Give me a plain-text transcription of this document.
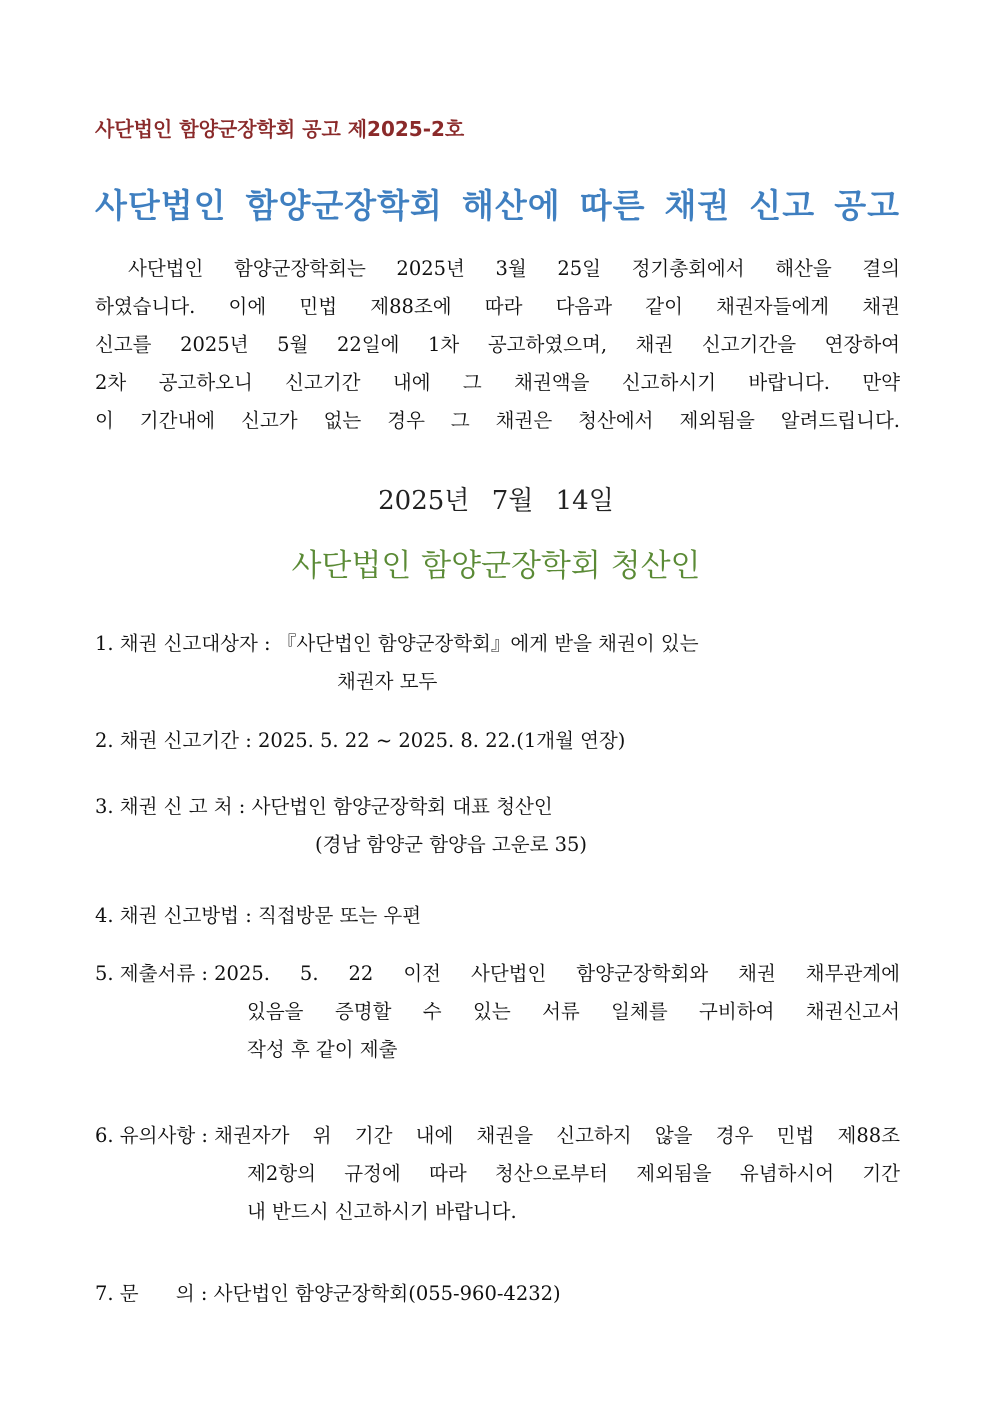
사단법인 함양군장학회 공고 제2025-2호
사단법인 함양군장학회 해산에 따른 채권 신고 공고
사단법인 함양군장학회는 2025년 3월 25일 정기총회에서 해산을 결의
하였습니다. 이에 민법 제88조에 따라 다음과 같이 채권자들에게 채권
신고를 2025년 5월 22일에 1차 공고하였으며, 채권 신고기간을 연장하여
2차 공고하오니 신고기간 내에 그 채권액을 신고하시기 바랍니다. 만약
이 기간내에 신고가 없는 경우 그 채권은 청산에서 제외됨을 알려드립니다.
2025년 7월 14일
사단법인 함양군장학회 청산인
1. 채권 신고대상자 : 『사단법인 함양군장학회』에게 받을 채권이 있는
채권자 모두
2. 채권 신고기간 : 2025. 5. 22 ~ 2025. 8. 22.(1개월 연장)
3. 채권 신 고 처 : 사단법인 함양군장학회 대표 청산인
(경남 함양군 함양읍 고운로 35)
4. 채권 신고방법 : 직접방문 또는 우편
5. 제출서류 : 2025. 5. 22 이전 사단법인 함양군장학회와 채권 채무관계에
있음을 증명할 수 있는 서류 일체를 구비하여 채권신고서
작성 후 같이 제출
6. 유의사항 : 채권자가 위 기간 내에 채권을 신고하지 않을 경우 민법 제88조
제2항의 규정에 따라 청산으로부터 제외됨을 유념하시어 기간
내 반드시 신고하시기 바랍니다.
7. 문      의 : 사단법인 함양군장학회(055-960-4232)
